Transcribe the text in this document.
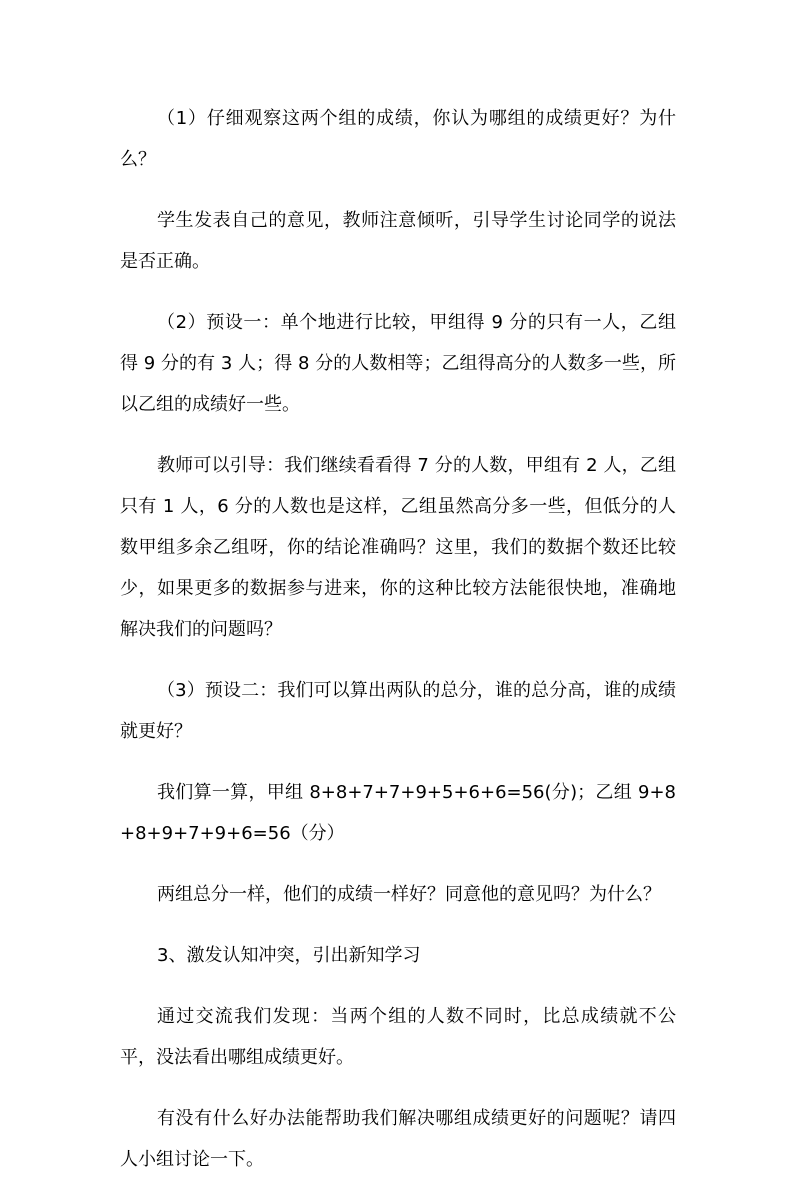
（1）仔细观察这两个组的成绩，你认为哪组的成绩更好？为什么？

学生发表自己的意见，教师注意倾听，引导学生讨论同学的说法是否正确。

（2）预设一：单个地进行比较，甲组得 9 分的只有一人，乙组得 9 分的有 3 人；得 8 分的人数相等；乙组得高分的人数多一些，所以乙组的成绩好一些。

教师可以引导：我们继续看看得 7 分的人数，甲组有 2 人，乙组只有 1 人，6 分的人数也是这样，乙组虽然高分多一些，但低分的人数甲组多余乙组呀，你的结论准确吗？这里，我们的数据个数还比较少，如果更多的数据参与进来，你的这种比较方法能很快地，准确地解决我们的问题吗？

（3）预设二：我们可以算出两队的总分，谁的总分高，谁的成绩就更好？

我们算一算，甲组 8+8+7+7+9+5+6+6=56(分)；乙组 9+8+8+9+7+9+6=56（分）

两组总分一样，他们的成绩一样好？同意他的意见吗？为什么？

3、激发认知冲突，引出新知学习

通过交流我们发现：当两个组的人数不同时，比总成绩就不公平，没法看出哪组成绩更好。

有没有什么好办法能帮助我们解决哪组成绩更好的问题呢？请四人小组讨论一下。
